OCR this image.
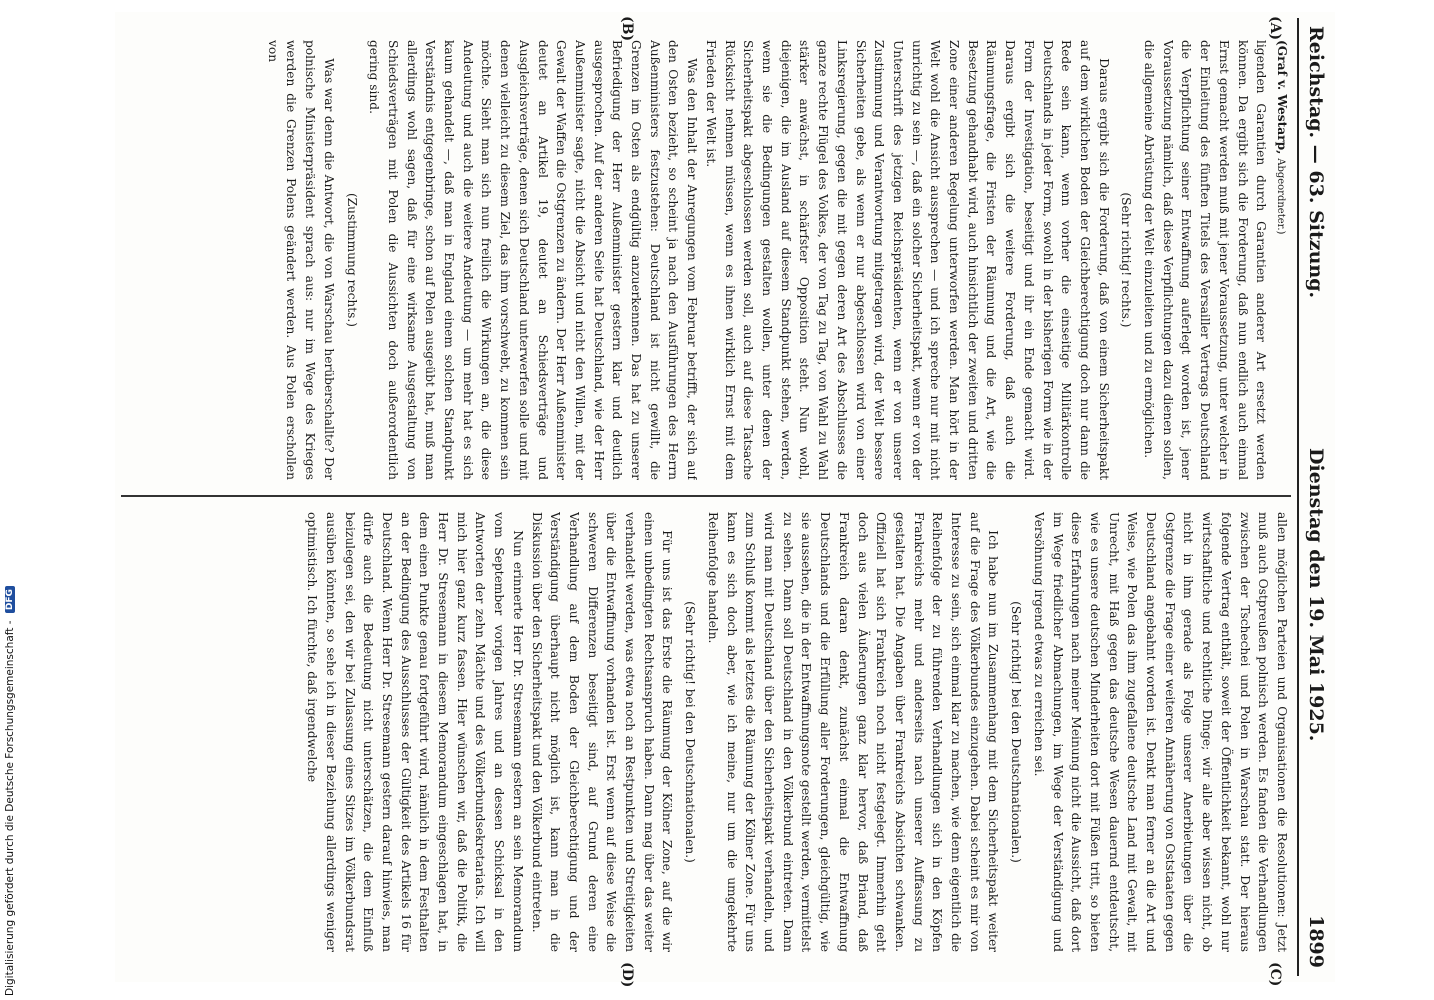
Reichstag. — 63. Sitzung.
Dienstag den 19. Mai 1925.
1899
(A)
(B)
(C)
(D)

(Graf v. Westarp, Abgeordneter.)

ligenden Garantien durch Garantien anderer Art ersetzt werden können. Da ergibt sich die Forderung, daß nun endlich auch einmal Ernst gemacht werden muß mit jener Voraussetzung, unter welcher in der Einleitung des fünften Titels des Versailler Vertrags Deutschland die Verpflichtung seiner Entwaffnung auferlegt worden ist, jener Voraussetzung nämlich, daß diese Verpflichtungen dazu dienen sollen, die allgemeine Abrüstung der Welt einzuleiten und zu ermöglichen.

(Sehr richtig! rechts.)

Daraus ergibt sich die Forderung, daß von einem Sicherheitspakt auf dem wirklichen Boden der Gleichberechtigung doch nur dann die Rede sein kann, wenn vorher die einseitige Militärkontrolle Deutschlands in jeder Form, sowohl in der bisherigen Form wie in der Form der Investigation, beseitigt und ihr ein Ende gemacht wird. Daraus ergibt sich die weitere Forderung, daß auch die Räumungsfrage, die Fristen der Räumung und die Art, wie die Besetzung gehandhabt wird, auch hinsichtlich der zweiten und dritten Zone einer anderen Regelung unterworfen werden. Man hört in der Welt wohl die Ansicht aussprechen — und ich spreche nur mit nicht unrichtig zu sein —, daß ein solcher Sicherheitspakt, wenn er von der Unterschrift des jetzigen Reichspräsidenten, wenn er von unserer Zustimmung und Verantwortung mitgetragen wird, der Welt bessere Sicherheiten gebe, als wenn er nur abgeschlossen wird von einer Linksregierung, gegen die mit gegen deren Art des Abschlusses die ganze rechte Flügel des Volkes, der von Tag zu Tag, von Wahl zu Wahl stärker anwächst, in schärfster Opposition steht. Nun wohl, diejenigen, die im Ausland auf diesem Standpunkt stehen, werden, wenn sie die Bedingungen gestalten wollen, unter denen der Sicherheitspakt abgeschlossen werden soll, auch auf diese Tatsache Rücksicht nehmen müssen, wenn es ihnen wirklich Ernst mit dem Frieden der Welt ist.

Was den Inhalt der Anregungen vom Februar betrifft, der sich auf den Osten bezieht, so scheint ja nach den Ausführungen des Herrn Außenministers festzustehen: Deutschland ist nicht gewillt, die Grenzen im Osten als endgültig anzuerkennen. Das hat zu unserer Befriedigung der Herr Außenminister gestern klar und deutlich ausgesprochen. Auf der anderen Seite hat Deutschland, wie der Herr Außenminister sagte, nicht die Absicht und nicht den Willen, mit der Gewalt der Waffen die Ostgrenzen zu ändern. Der Herr Außenminister deutet an Artikel 19, deutet an Schiedsverträge und Ausgleichsverträge, denen sich Deutschland unterwerfen solle und mit denen vielleicht zu diesem Ziel, das ihm vorschwebt, zu kommen sein möchte. Sieht man sich nun freilich die Wirkungen an, die diese Andeutung und auch die weitere Andeutung — um mehr hat es sich kaum gehandelt —, daß man in England einem solchen Standpunkt Verständnis entgegenbringe, schon auf Polen ausgeübt hat, muß man allerdings wohl sagen, daß für eine wirksame Ausgestaltung von Schiedsverträgen mit Polen die Aussichten doch außerordentlich gering sind.

(Zustimmung rechts.)

Was war denn die Antwort, die von Warschau herüberschallte? Der polnische Ministerpräsident sprach aus: nur im Wege des Krieges werden die Grenzen Polens geändert werden. Aus Polen erschollen von

allen möglichen Parteien und Organisationen die Resolutionen: Jetzt muß auch Ostpreußen polnisch werden. Es fanden die Verhandlungen zwischen der Tschechei und Polen in Warschau statt. Der hieraus folgende Vertrag enthält, soweit der Öffentlichkeit bekannt, wohl nur wirtschaftliche und rechtliche Dinge; wir alle aber wissen nicht, ob nicht in ihm gerade als Folge unserer Anerbietungen über die Ostgrenze die Frage einer weiteren Annäherung von Oststaaten gegen Deutschland angebahnt worden ist. Denkt man ferner an die Art und Weise, wie Polen das ihm zugefallene deutsche Land mit Gewalt, mit Unrecht, mit Haß gegen das deutsche Wesen dauernd entdeutscht, wie es unsere deutschen Minderheiten dort mit Füßen tritt, so bieten diese Erfahrungen nach meiner Meinung nicht die Aussicht, daß dort im Wege friedlicher Abmachungen, im Wege der Verständigung und Versöhnung irgend etwas zu erreichen sei.

(Sehr richtig! bei den Deutschnationalen.)

Ich habe nun im Zusammenhang mit dem Sicherheitspakt weiter auf die Frage des Völkerbundes einzugehen. Dabei scheint es mir von Interesse zu sein, sich einmal klar zu machen, wie denn eigentlich die Reihenfolge der zu führenden Verhandlungen sich in den Köpfen Frankreichs mehr und anderseits nach unserer Auffassung zu gestalten hat. Die Angaben über Frankreichs Absichten schwanken. Offiziell hat sich Frankreich noch nicht festgelegt. Immerhin geht doch aus vielen Äußerungen ganz klar hervor, daß Briand, daß Frankreich daran denkt, zunächst einmal die Entwaffnung Deutschlands und die Erfüllung aller Forderungen, gleichgültig, wie sie aussehen, die in der Entwaffnungsnote gestellt werden, vermittelst zu sehen. Dann soll Deutschland in den Völkerbund eintreten. Dann wird man mit Deutschland über den Sicherheitspakt verhandeln, und zum Schluß kommt als letztes die Räumung der Kölner Zone. Für uns kann es sich doch aber, wie ich meine, nur um die umgekehrte Reihenfolge handeln.

(Sehr richtig! bei den Deutschnationalen.)

Für uns ist das Erste die Räumung der Kölner Zone, auf die wir einen unbedingten Rechtsanspruch haben. Dann mag über das weiter verhandelt werden, was etwa noch an Restpunkten und Streitigkeiten über die Entwaffnung vorhanden ist. Erst wenn auf diese Weise die schweren Differenzen beseitigt sind, auf Grund deren eine Verhandlung auf dem Boden der Gleichberechtigung und der Verständigung überhaupt nicht möglich ist, kann man in die Diskussion über den Sicherheitspakt und den Völkerbund eintreten.

Nun erinnerte Herr Dr. Stresemann gestern an sein Memorandum vom September vorigen Jahres und an dessen Schicksal in den Antworten der zehn Mächte und des Völkerbundsekretariats. Ich will mich hier ganz kurz fassen. Hier wünschen wir, daß die Politik, die Herr Dr. Stresemann in diesem Memorandum eingeschlagen hat, in dem einen Punkte genau fortgeführt wird, nämlich in dem Festhalten an der Bedingung des Ausschlusses der Gültigkeit des Artikels 16 für Deutschland. Wenn Herr Dr. Stresemann gestern darauf hinwies, man dürfe auch die Bedeutung nicht unterschätzen, die dem Einfluß beizulegen sei, den wir bei Zulassung eines Sitzes im Völkerbundsrat ausüben könnten, so sehe ich in dieser Beziehung allerdings weniger optimistisch. Ich fürchte, daß irgendwelche

Digitalisierung gefördert durch die Deutsche Forschungsgemeinschaft - DFG
